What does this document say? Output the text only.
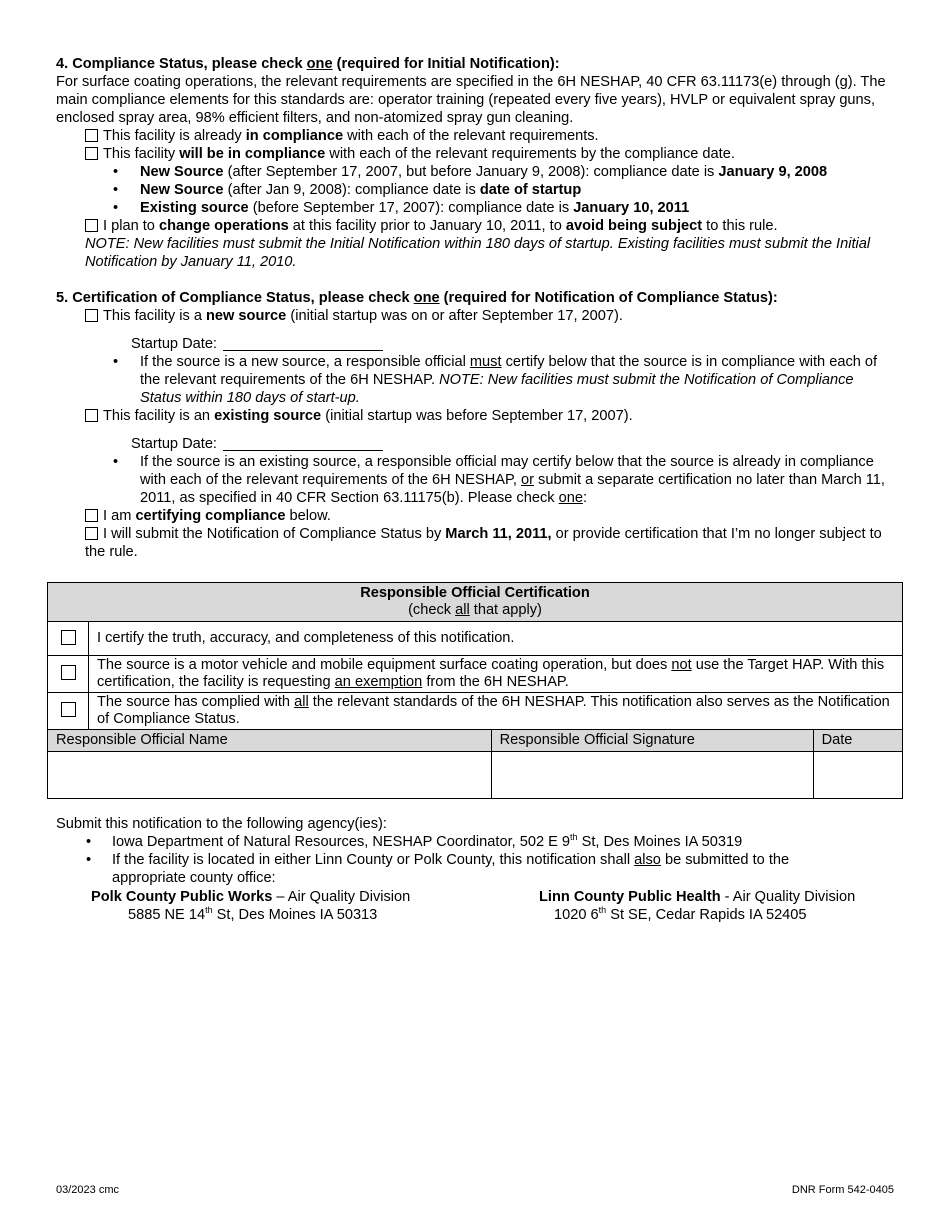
4. Compliance Status, please check one (required for Initial Notification):
For surface coating operations, the relevant requirements are specified in the 6H NESHAP, 40 CFR 63.11173(e) through (g). The main compliance elements for this standards are: operator training (repeated every five years), HVLP or equivalent spray guns, enclosed spray area, 98% efficient filters, and non-atomized spray gun cleaning.
This facility is already in compliance with each of the relevant requirements.
This facility will be in compliance with each of the relevant requirements by the compliance date.
• New Source (after September 17, 2007, but before January 9, 2008): compliance date is January 9, 2008
• New Source (after Jan 9, 2008): compliance date is date of startup
• Existing source (before September 17, 2007): compliance date is January 10, 2011
I plan to change operations at this facility prior to January 10, 2011, to avoid being subject to this rule.
NOTE: New facilities must submit the Initial Notification within 180 days of startup. Existing facilities must submit the Initial Notification by January 11, 2010.
5. Certification of Compliance Status, please check one (required for Notification of Compliance Status):
This facility is a new source (initial startup was on or after September 17, 2007).
Startup Date:
• If the source is a new source, a responsible official must certify below that the source is in compliance with each of the relevant requirements of the 6H NESHAP. NOTE: New facilities must submit the Notification of Compliance Status within 180 days of start-up.
This facility is an existing source (initial startup was before September 17, 2007).
Startup Date:
• If the source is an existing source, a responsible official may certify below that the source is already in compliance with each of the relevant requirements of the 6H NESHAP, or submit a separate certification no later than March 11, 2011, as specified in 40 CFR Section 63.11175(b). Please check one:
I am certifying compliance below.
I will submit the Notification of Compliance Status by March 11, 2011, or provide certification that I’m no longer subject to the rule.
Responsible Official Certification
(check all that apply)			

	I certify the truth, accuracy, and completeness of this notification.		
	The source is a motor vehicle and mobile equipment surface coating operation, but does not use the Target HAP. With this certification, the facility is requesting an exemption from the 6H NESHAP.		
	The source has complied with all the relevant standards of the 6H NESHAP. This notification also serves as the Notification of Compliance Status.		
Responsible Official Name		Responsible Official Signature	Date

Submit this notification to the following agency(ies):
• Iowa Department of Natural Resources, NESHAP Coordinator, 502 E 9th St, Des Moines IA 50319
• If the facility is located in either Linn County or Polk County, this notification shall also be submitted to the appropriate county office:
Polk County Public Works – Air Quality Division
5885 NE 14th St, Des Moines IA 50313
Linn County Public Health - Air Quality Division
1020 6th St SE, Cedar Rapids IA 52405
03/2023 cmc	DNR Form 542-0405
